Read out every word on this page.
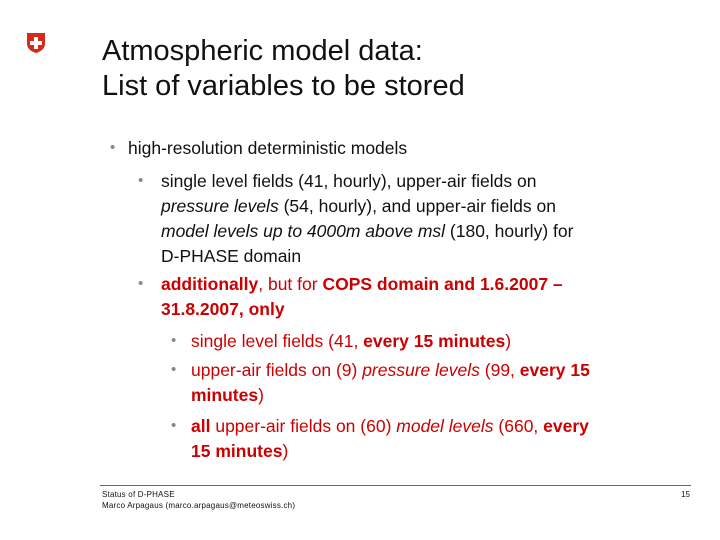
Atmospheric model data:
List of variables to be stored
• high-resolution deterministic models
• single level fields (41, hourly), upper-air fields on
pressure levels (54, hourly), and upper-air fields on
model levels up to 4000m above msl (180, hourly) for
D-PHASE domain
• additionally, but for COPS domain and 1.6.2007 –
31.8.2007, only
• single level fields (41, every 15 minutes)
• upper-air fields on (9) pressure levels (99, every 15
minutes)
• all upper-air fields on (60) model levels (660, every
15 minutes)
Status of D-PHASE
Marco Arpagaus (marco.arpagaus@meteoswiss.ch)
15
